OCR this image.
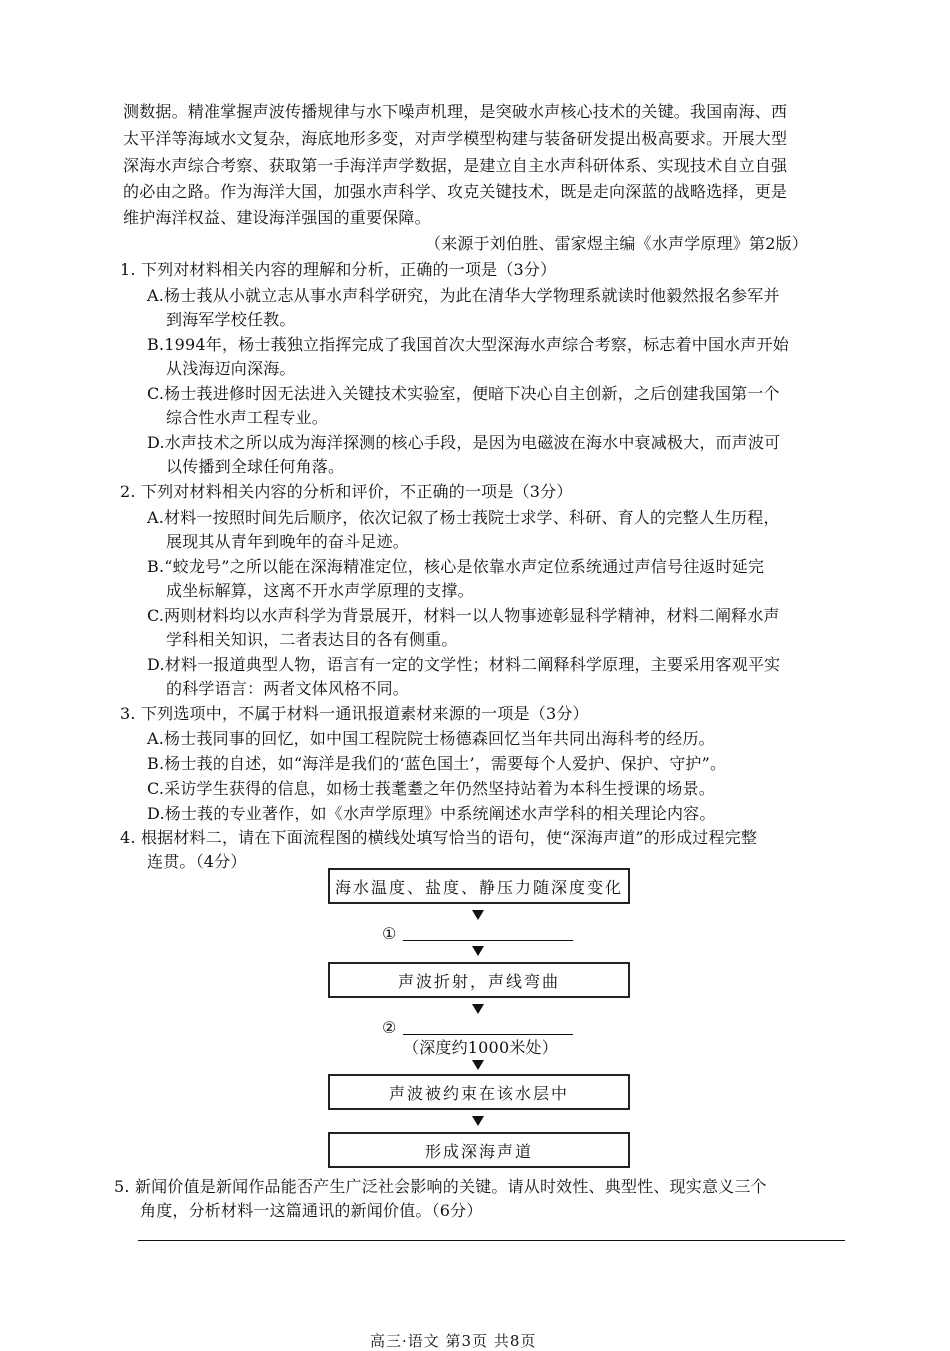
测数据。精准掌握声波传播规律与水下噪声机理，是突破水声核心技术的关键。我国南海、西
太平洋等海域水文复杂，海底地形多变，对声学模型构建与装备研发提出极高要求。开展大型
深海水声综合考察、获取第一手海洋声学数据，是建立自主水声科研体系、实现技术自立自强
的必由之路。作为海洋大国，加强水声科学、攻克关键技术，既是走向深蓝的战略选择，更是
维护海洋权益、建设海洋强国的重要保障。
（来源于刘伯胜、雷家煜主编《水声学原理》第2版）
1. 下列对材料相关内容的理解和分析，正确的一项是（3分）
A.杨士莪从小就立志从事水声科学研究，为此在清华大学物理系就读时他毅然报名参军并
到海军学校任教。
B.1994年，杨士莪独立指挥完成了我国首次大型深海水声综合考察，标志着中国水声开始
从浅海迈向深海。
C.杨士莪进修时因无法进入关键技术实验室，便暗下决心自主创新，之后创建我国第一个
综合性水声工程专业。
D.水声技术之所以成为海洋探测的核心手段，是因为电磁波在海水中衰减极大，而声波可
以传播到全球任何角落。
2. 下列对材料相关内容的分析和评价，不正确的一项是（3分）
A.材料一按照时间先后顺序，依次记叙了杨士莪院士求学、科研、育人的完整人生历程，
展现其从青年到晚年的奋斗足迹。
B.“蛟龙号”之所以能在深海精准定位，核心是依靠水声定位系统通过声信号往返时延完
成坐标解算，这离不开水声学原理的支撑。
C.两则材料均以水声科学为背景展开，材料一以人物事迹彰显科学精神，材料二阐释水声
学科相关知识，二者表达目的各有侧重。
D.材料一报道典型人物，语言有一定的文学性；材料二阐释科学原理，主要采用客观平实
的科学语言：两者文体风格不同。
3. 下列选项中，不属于材料一通讯报道素材来源的一项是（3分）
A.杨士莪同事的回忆，如中国工程院院士杨德森回忆当年共同出海科考的经历。
B.杨士莪的自述，如“海洋是我们的‘蓝色国土’，需要每个人爱护、保护、守护”。
C.采访学生获得的信息，如杨士莪耄耋之年仍然坚持站着为本科生授课的场景。
D.杨士莪的专业著作，如《水声学原理》中系统阐述水声学科的相关理论内容。
4. 根据材料二，请在下面流程图的横线处填写恰当的语句，使“深海声道”的形成过程完整
连贯。（4分）
海水温度、盐度、静压力随深度变化
①
声波折射，声线弯曲
②
（深度约1000米处）
声波被约束在该水层中
形成深海声道
5. 新闻价值是新闻作品能否产生广泛社会影响的关键。请从时效性、典型性、现实意义三个
角度，分析材料一这篇通讯的新闻价值。（6分）
高三·语文 第3页 共8页
